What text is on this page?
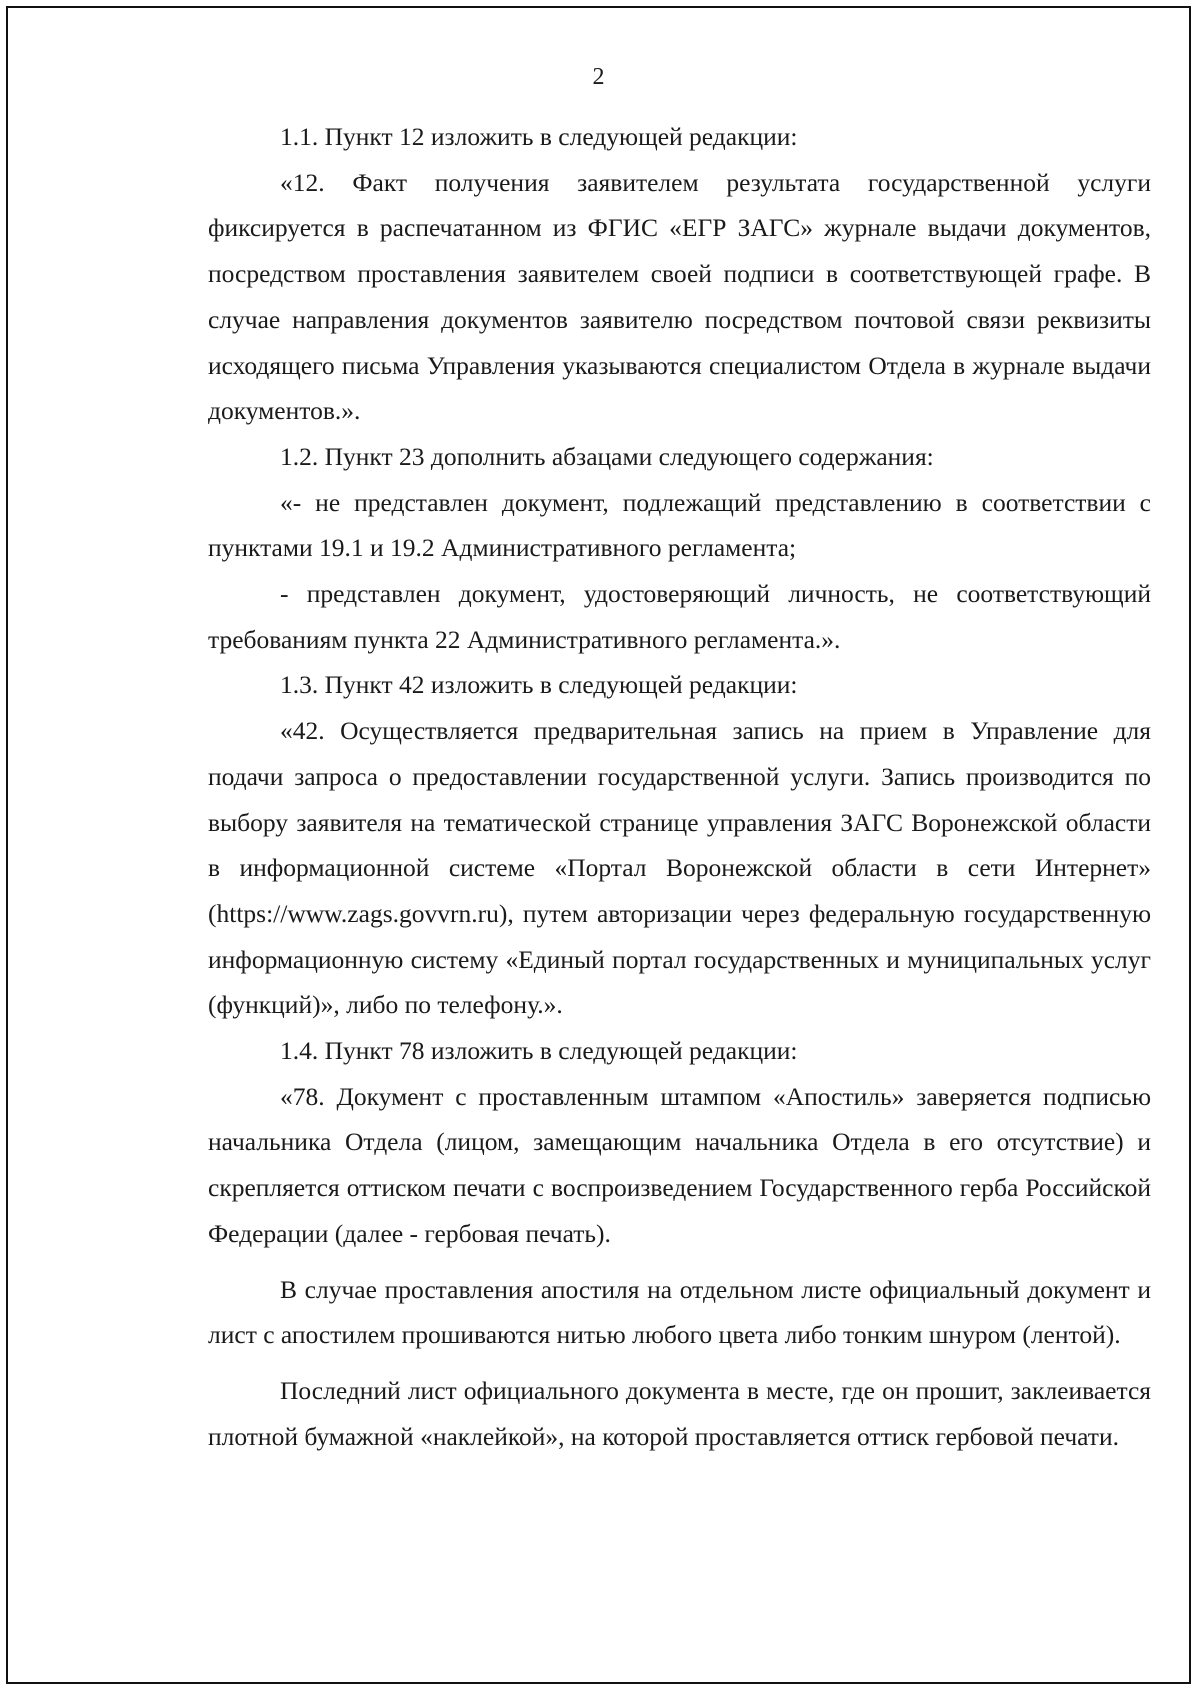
2

1.1. Пункт 12 изложить в следующей редакции:

«12. Факт получения заявителем результата государственной услуги фиксируется в распечатанном из ФГИС «ЕГР ЗАГС» журнале выдачи документов, посредством проставления заявителем своей подписи в соответствующей графе. В случае направления документов заявителю посредством почтовой связи реквизиты исходящего письма Управления указываются специалистом Отдела в журнале выдачи документов.».

1.2. Пункт 23 дополнить абзацами следующего содержания:

«- не представлен документ, подлежащий представлению в соответствии с пунктами 19.1 и 19.2 Административного регламента;

- представлен документ, удостоверяющий личность, не соответствующий требованиям пункта 22 Административного регламента.».

1.3. Пункт 42 изложить в следующей редакции:

«42. Осуществляется предварительная запись на прием в Управление для подачи запроса о предоставлении государственной услуги. Запись производится по выбору заявителя на тематической странице управления ЗАГС Воронежской области в информационной системе «Портал Воронежской области в сети Интернет» (https://www.zags.govvrn.ru), путем авторизации через федеральную государственную информационную систему «Единый портал государственных и муниципальных услуг (функций)», либо по телефону.».

1.4. Пункт 78 изложить в следующей редакции:

«78. Документ с проставленным штампом «Апостиль» заверяется подписью начальника Отдела (лицом, замещающим начальника Отдела в его отсутствие) и скрепляется оттиском печати с воспроизведением Государственного герба Российской Федерации (далее - гербовая печать).

В случае проставления апостиля на отдельном листе официальный документ и лист с апостилем прошиваются нитью любого цвета либо тонким шнуром (лентой).

Последний лист официального документа в месте, где он прошит, заклеивается плотной бумажной «наклейкой», на которой проставляется оттиск гербовой печати.
